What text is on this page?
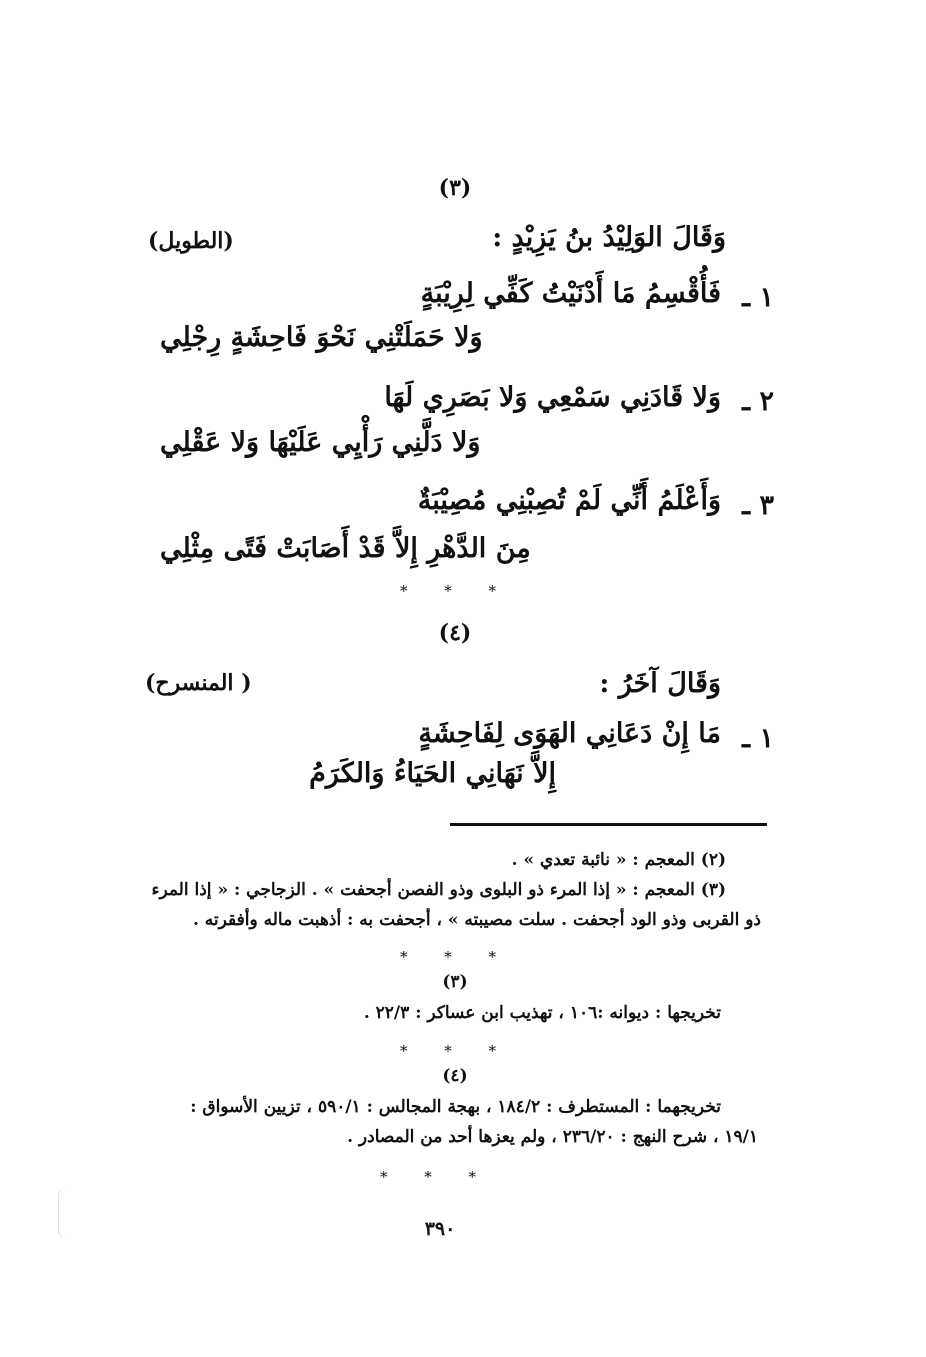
(٣)
وَقَالَ الوَلِيْدُ بنُ يَزِيْدٍ :
(الطويل)
١ ـ
فَأُقْسِمُ مَا أَدْنَيْتُ كَفِّي لِرِيْبَةٍ
وَلا حَمَلَتْنِي نَحْوَ فَاحِشَةٍ رِجْلِي
٢ ـ
وَلا قَادَنِي سَمْعِي وَلا بَصَرِي لَهَا
وَلا دَلَّنِي رَأْيِي عَلَيْهَا وَلا عَقْلِي
٣ ـ
وَأَعْلَمُ أَنِّي لَمْ تُصِبْنِي مُصِيْبَةٌ
مِنَ الدَّهْرِ إِلاَّ قَدْ أَصَابَتْ فَتًى مِثْلِي
* * *
(٤)
وَقَالَ آخَرُ :
( المنسرح)
١ ـ
مَا إِنْ دَعَانِي الهَوَى لِفَاحِشَةٍ
إِلاَّ نَهَانِي الحَيَاءُ وَالكَرَمُ
(٢) المعجم : « نائبة تعدي » .
(٣) المعجم : « إذا المرء ذو البلوى وذو الفصن أجحفت » . الزجاجي : « إذا المرء
ذو القربى وذو الود أجحفت . سلت مصيبته » ، أجحفت به : أذهبت ماله وأفقرته .
* * *
(٣)
تخريجها : ديوانه :١٠٦ ، تهذيب ابن عساكر : ٢٢/٣ .
* * *
(٤)
تخريجهما : المستطرف : ١٨٤/٢ ، بهجة المجالس : ٥٩٠/١ ، تزيين الأسواق :
١٩/١ ، شرح النهج : ٢٣٦/٢٠ ، ولم يعزها أحد من المصادر .
* * *
٣٩٠
